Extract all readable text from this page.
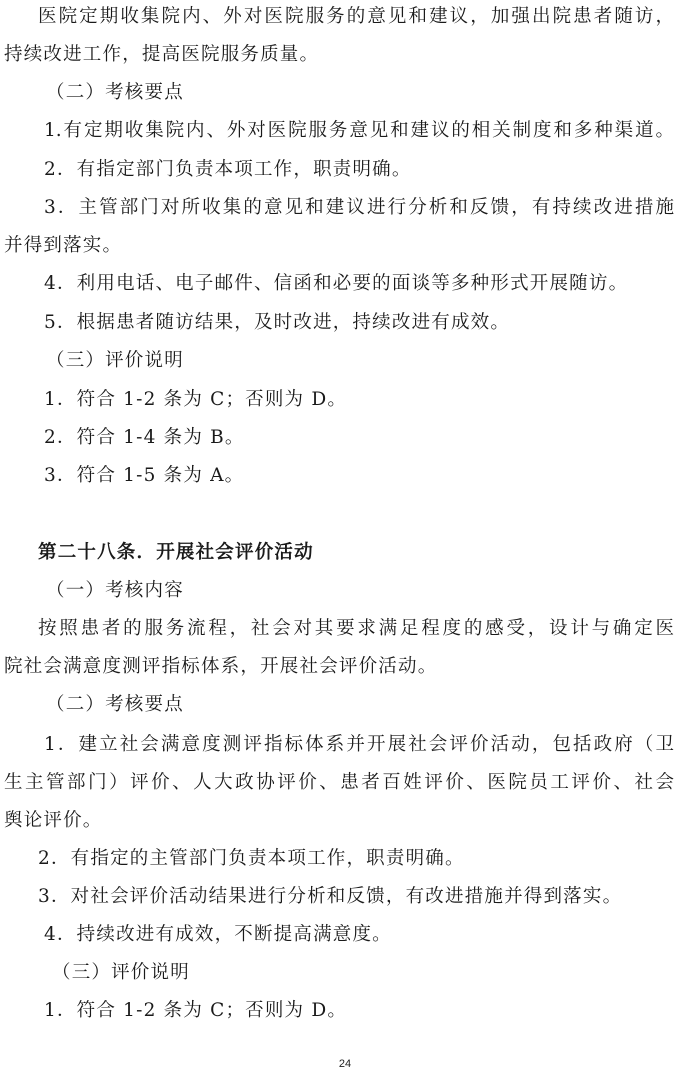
医院定期收集院内、外对医院服务的意见和建议，加强出院患者随访，
持续改进工作，提高医院服务质量。
（二）考核要点
1.有定期收集院内、外对医院服务意见和建议的相关制度和多种渠道。
2．有指定部门负责本项工作，职责明确。
3．主管部门对所收集的意见和建议进行分析和反馈，有持续改进措施
并得到落实。
4．利用电话、电子邮件、信函和必要的面谈等多种形式开展随访。
5．根据患者随访结果，及时改进，持续改进有成效。
（三）评价说明
1．符合 1-2 条为 C；否则为 D。
2．符合 1-4 条为 B。
3．符合 1-5 条为 A。
第二十八条．开展社会评价活动
（一）考核内容
按照患者的服务流程，社会对其要求满足程度的感受，设计与确定医
院社会满意度测评指标体系，开展社会评价活动。
（二）考核要点
1．建立社会满意度测评指标体系并开展社会评价活动，包括政府（卫
生主管部门）评价、人大政协评价、患者百姓评价、医院员工评价、社会
舆论评价。
2．有指定的主管部门负责本项工作，职责明确。
3．对社会评价活动结果进行分析和反馈，有改进措施并得到落实。
4．持续改进有成效，不断提高满意度。
（三）评价说明
1．符合 1-2 条为 C；否则为 D。
24
